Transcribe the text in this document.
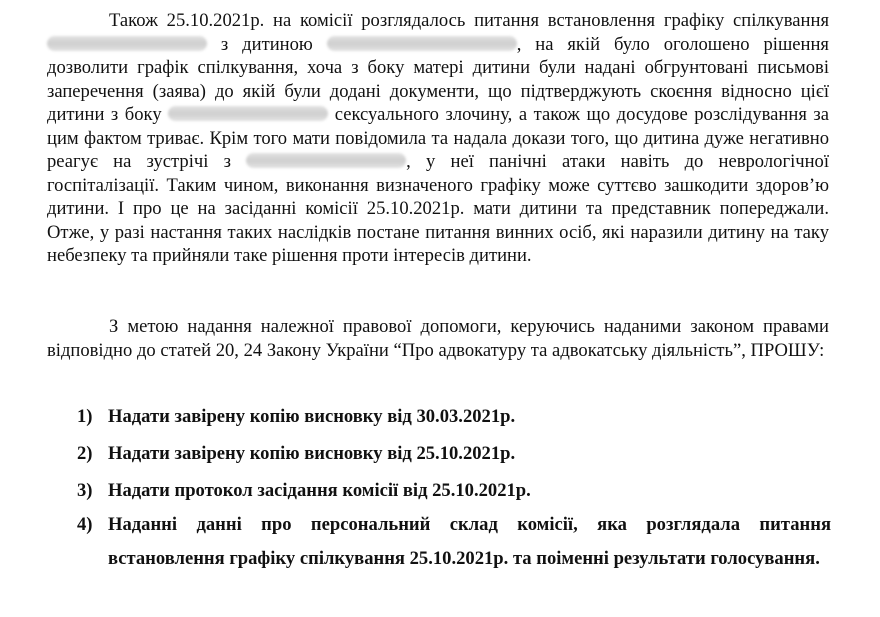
Також 25.10.2021р. на комісії розглядалось питання встановлення графіку спілкування  з дитиною	, на якій було оголошено рішення дозволити графік спілкування, хоча з боку матері дитини були надані обгрунтовані письмові заперечення (заява) до якій були додані документи, що підтверджують скоєння відносно цієї дитини з боку	сексуального злочину, а також що досудове розслідування за цим фактом триває. Крім того мати повідомила та надала докази того, що дитина дуже негативно реагує на зустрічі з	, у неї панічні атаки навіть до неврологічної госпіталізації. Таким чином, виконання визначеного графіку може суттєво зашкодити здоров’ю дитини. І про це на засіданні комісії 25.10.2021р. мати дитини та представник попереджали. Отже, у разі настання таких наслідків постане питання винних осіб, які наразили дитину на таку небезпеку та прийняли таке рішення проти інтересів дитини.

З метою надання належної правової допомоги, керуючись наданими законом правами відповідно до статей 20, 24 Закону України “Про адвокатуру та адвокатську діяльність”, ПРОШУ:

1) Надати завірену копію висновку від 30.03.2021р.
2) Надати завірену копію висновку від 25.10.2021р.
3) Надати протокол засідання комісії від 25.10.2021р.
4) Наданні данні про персональний склад комісії, яка розглядала питання встановлення графіку спілкування 25.10.2021р. та поіменні результати голосування.
